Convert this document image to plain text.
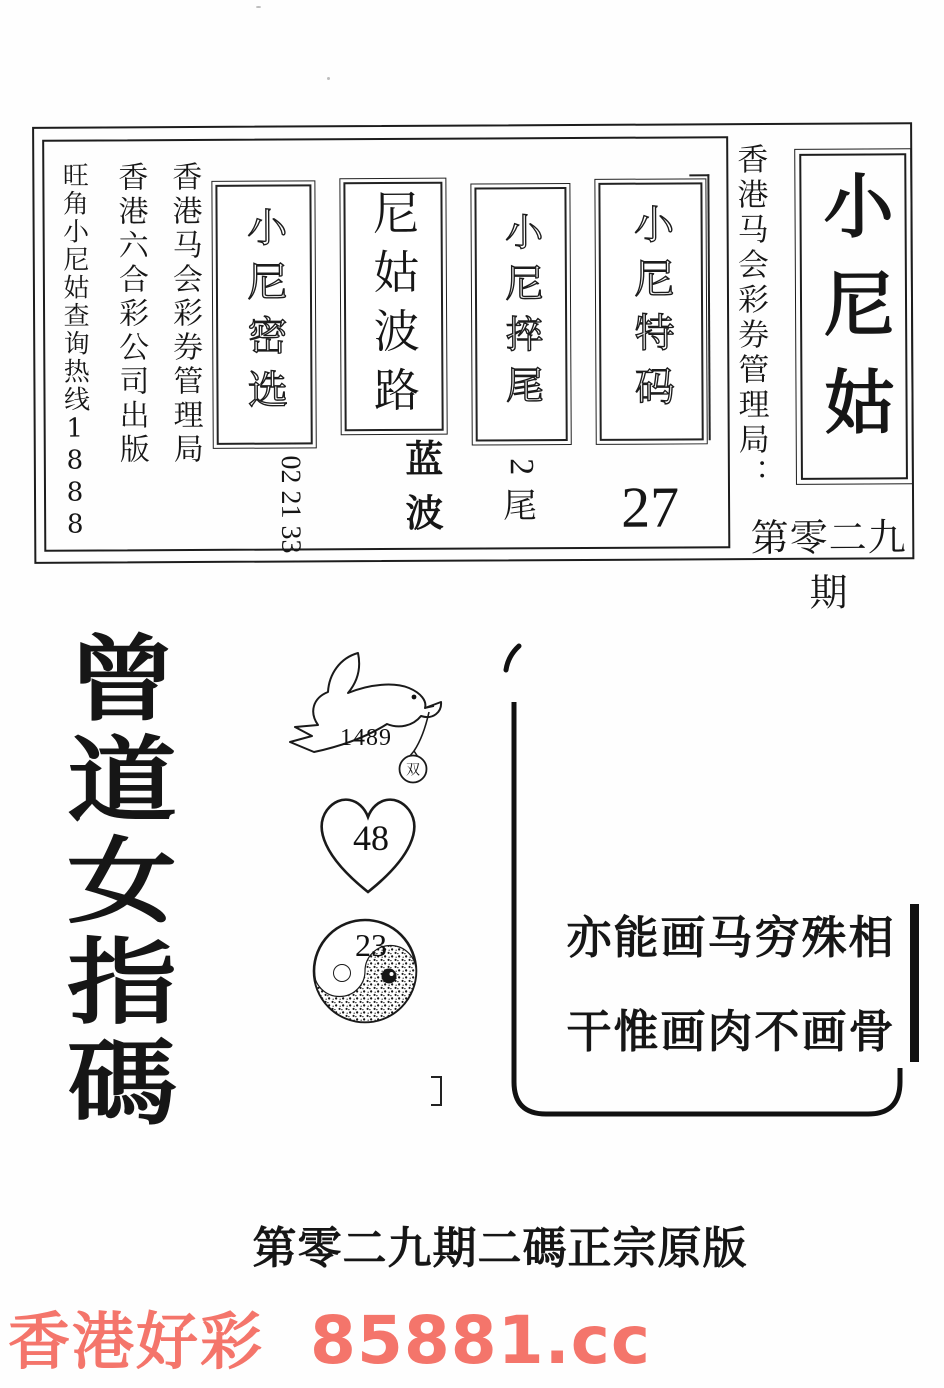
旺角小尼姑查询热线1888 香港六合彩公司出版 香港马会彩券管理局 小尼密选
02 21 33
尼姑波路
蓝波
小尼捽尾
2
尾
小尼特码
27
香港马会彩券管理局： 小尼姑
第零二九期
曾道女指碼	双
1489
48
23	亦能画马穷殊相
干惟画肉不画骨
第零二九期二碼正宗原版
香港好彩 85881.cc
